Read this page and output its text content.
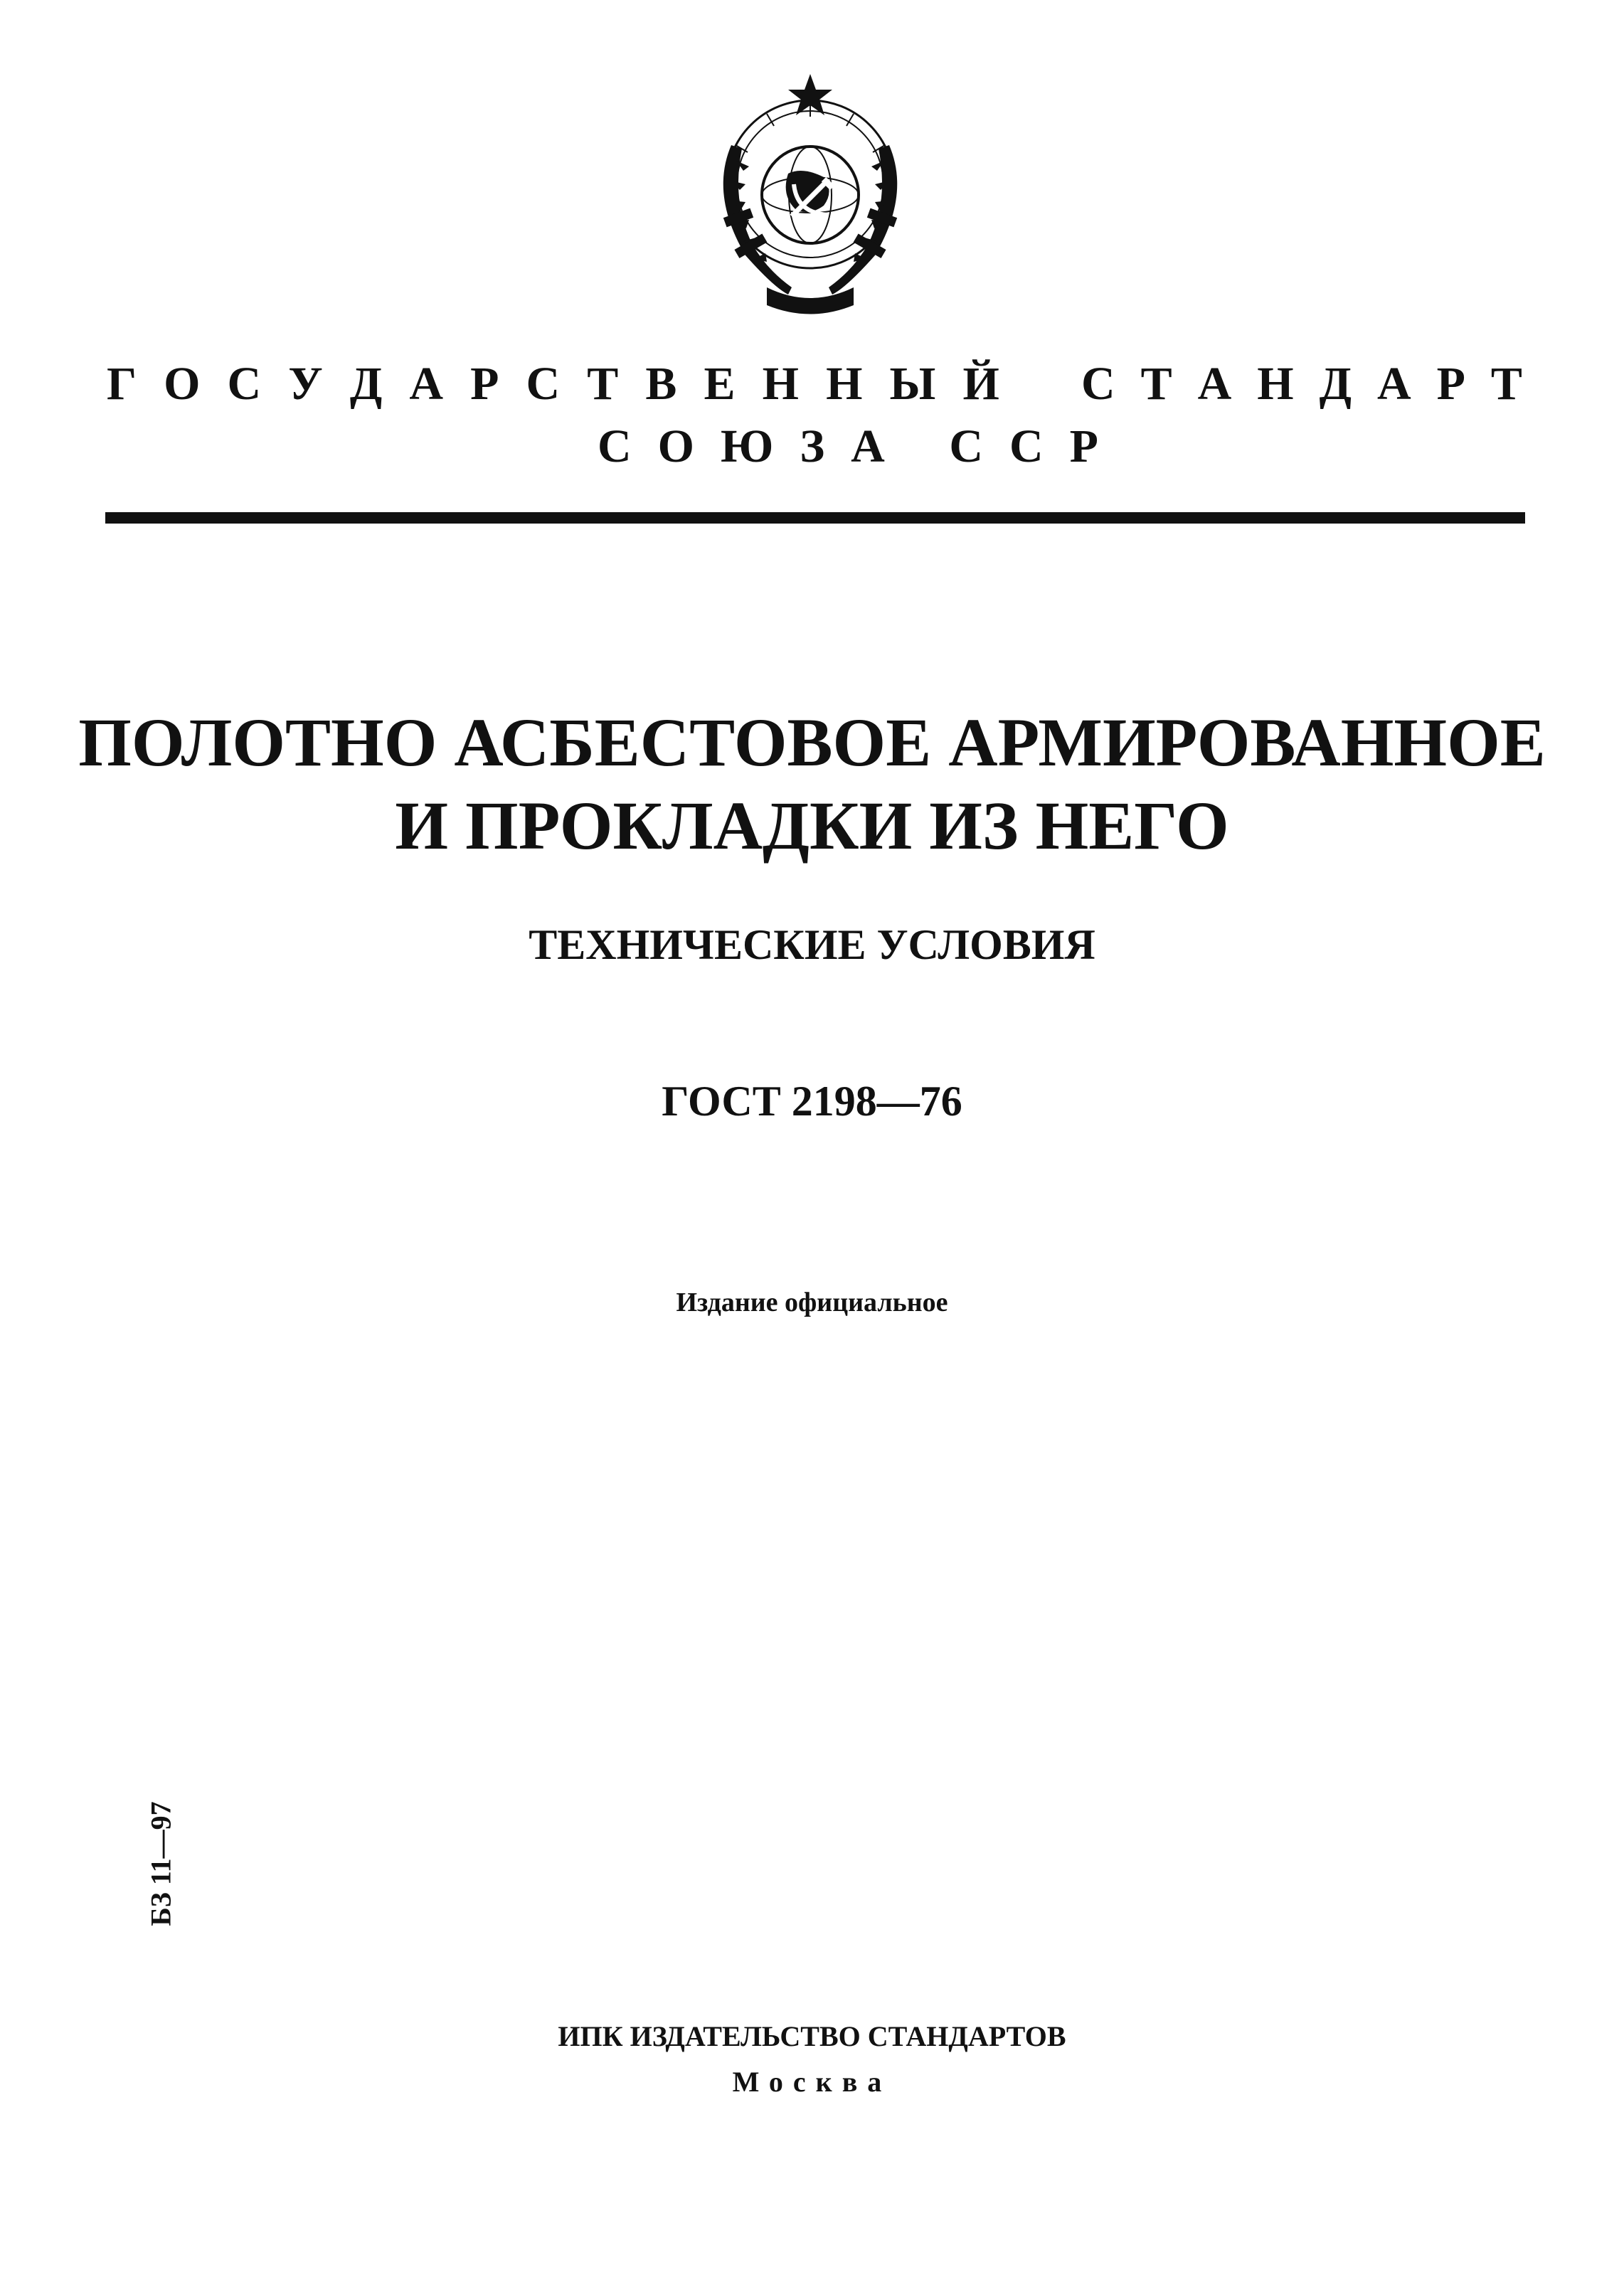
Г О С У Д А Р С Т В Е Н Н Ы Й С Т А Н Д А Р Т
СОЮЗА ССР
ПОЛОТНО АСБЕСТОВОЕ АРМИРОВАННОЕ
И ПРОКЛАДКИ ИЗ НЕГО
ТЕХНИЧЕСКИЕ УСЛОВИЯ
ГОСТ 2198—76
Издание официальное
БЗ 11—97
ИПК ИЗДАТЕЛЬСТВО СТАНДАРТОВ
Москва
